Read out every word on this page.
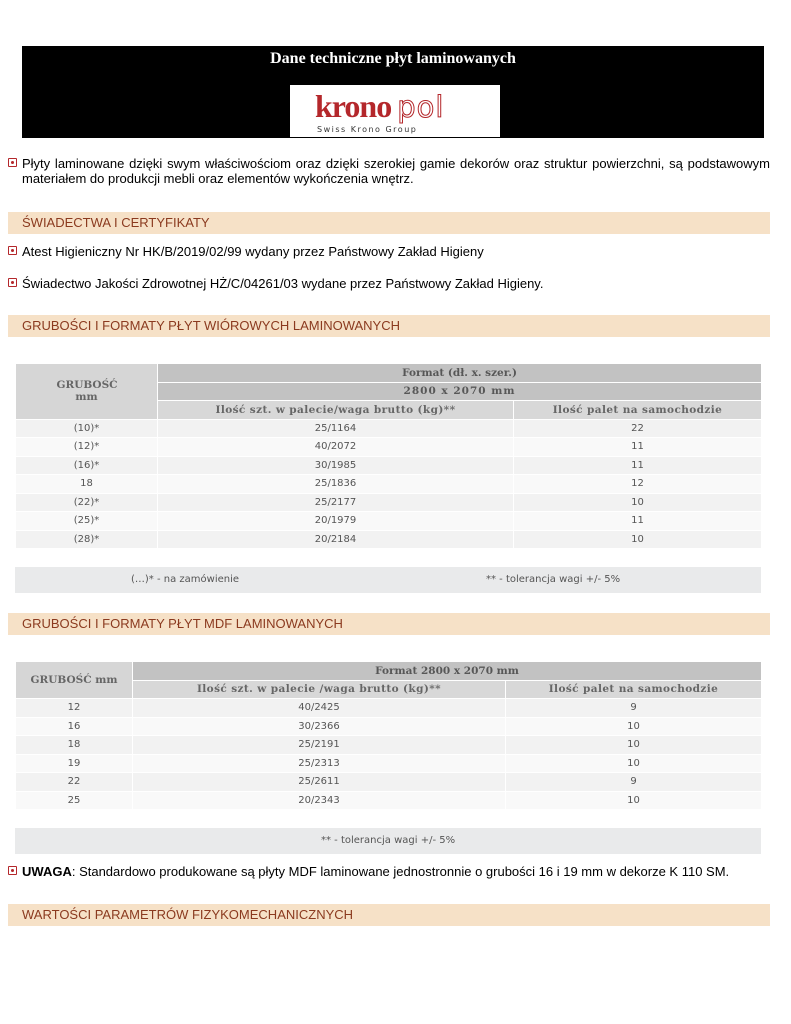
Dane techniczne płyt laminowanych
krono pol
Swiss Krono Group
Płyty laminowane dzięki swym właściwościom oraz dzięki szerokiej gamie dekorów oraz struktur powierzchni, są podstawowym materiałem do produkcji mebli oraz elementów wykończenia wnętrz.
ŚWIADECTWA I CERTYFIKATY
Atest Higieniczny Nr HK/B/2019/02/99 wydany przez Państwowy Zakład Higieny
Świadectwo Jakości Zdrowotnej HŻ/C/04261/03 wydane przez Państwowy Zakład Higieny.
GRUBOŚCI I FORMATY PŁYT WIÓROWYCH LAMINOWANYCH
GRUBOŚĆ mm	Format (dł. x. szer.)	
	2800 x 2070 mm	
	Ilość szt. w palecie/waga brutto (kg)**	Ilość palet na samochodzie
(10)*	25/1164	22
(12)*	40/2072	11
(16)*	30/1985	11
18	25/1836	12
(22)*	25/2177	10
(25)*	20/1979	11
(28)*	20/2184	10
(…)* - na zamówienie	** - tolerancja wagi +/- 5%
GRUBOŚCI I FORMATY PŁYT MDF LAMINOWANYCH
GRUBOŚĆ mm	Format 2800 x 2070 mm	
	Ilość szt. w palecie /waga brutto (kg)**	Ilość palet na samochodzie
12	40/2425	9
16	30/2366	10
18	25/2191	10
19	25/2313	10
22	25/2611	9
25	20/2343	10
** - tolerancja wagi +/- 5%
UWAGA: Standardowo produkowane są płyty MDF laminowane jednostronnie o grubości 16 i 19 mm w dekorze K 110 SM.
WARTOŚCI PARAMETRÓW FIZYKOMECHANICZNYCH
